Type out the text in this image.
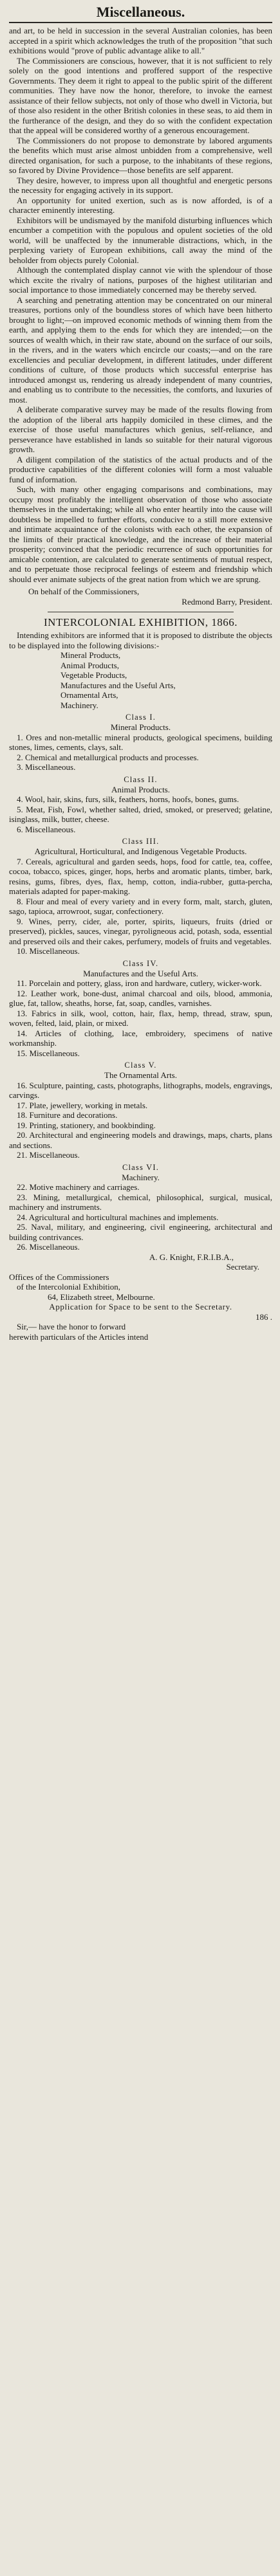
Miscellaneous.

and art, to be held in succession in the several Australian colonies, has been accepted in a spirit which acknowledges the truth of the proposition "that such exhibitions would "prove of public advantage alike to all."

The Commissioners are conscious, however, that it is not sufficient to rely solely on the good intentions and proffered support of the respective Governments. They deem it right to appeal to the public spirit of the different communities. They have now the honor, therefore, to invoke the earnest assistance of their fellow subjects, not only of those who dwell in Victoria, but of those also resident in the other British colonies in these seas, to aid them in the furtherance of the design, and they do so with the confident expectation that the appeal will be considered worthy of a generous encouragement.

The Commissioners do not propose to demonstrate by labored arguments the benefits which must arise almost unbidden from a comprehensive, well directed organisation, for such a purpose, to the inhabitants of these regions, so favored by Divine Providence—those benefits are self apparent.

They desire, however, to impress upon all thoughtful and energetic persons the necessity for engaging actively in its support.

An opportunity for united exertion, such as is now afforded, is of a character eminently interesting.

Exhibitors will be undismayed by the manifold disturbing influences which encumber a competition with the populous and opulent societies of the old world, will be unaffected by the innumerable distractions, which, in the perplexing variety of European exhibitions, call away the mind of the beholder from objects purely Colonial.

Although the contemplated display cannot vie with the splendour of those which excite the rivalry of nations, purposes of the highest utilitarian and social importance to those immediately concerned may be thereby served.

A searching and penetrating attention may be concentrated on our mineral treasures, portions only of the boundless stores of which have been hitherto brought to light;—on improved economic methods of winning them from the earth, and applying them to the ends for which they are intended;—on the sources of wealth which, in their raw state, abound on the surface of our soils, in the rivers, and in the waters which encircle our coasts;—and on the rare excellencies and peculiar development, in different latitudes, under different conditions of culture, of those products which successful enterprise has introduced amongst us, rendering us already independent of many countries, and enabling us to contribute to the necessities, the comforts, and luxuries of most.

A deliberate comparative survey may be made of the results flowing from the adoption of the liberal arts happily domiciled in these climes, and the exercise of those useful manufactures which genius, self-reliance, and perseverance have established in lands so suitable for their natural vigorous growth.

A diligent compilation of the statistics of the actual products and of the productive capabilities of the different colonies will form a most valuable fund of information.

Such, with many other engaging comparisons and combinations, may occupy most profitably the intelligent observation of those who associate themselves in the undertaking; while all who enter heartily into the cause will doubtless be impelled to further efforts, conducive to a still more extensive and intimate acquaintance of the colonists with each other, the expansion of the limits of their practical knowledge, and the increase of their material prosperity; convinced that the periodic recurrence of such opportunities for amicable contention, are calculated to generate sentiments of mutual respect, and to perpetuate those reciprocal feelings of esteem and friendship which should ever animate subjects of the great nation from which we are sprung.

On behalf of the Commissioners,
Redmond Barry, President.
INTERCOLONIAL EXHIBITION, 1866.

Intending exhibitors are informed that it is proposed to distribute the objects to be displayed into the following divisions:-

Mineral Products,
Animal Products,
Vegetable Products,
Manufactures and the Useful Arts,
Ornamental Arts,
Machinery.
Class I.
Mineral Products.

1. Ores and non-metallic mineral products, geological specimens, building stones, limes, cements, clays, salt.

2. Chemical and metallurgical products and processes.

3. Miscellaneous.

Class II.
Animal Products.

4. Wool, hair, skins, furs, silk, feathers, horns, hoofs, bones, gums.

5. Meat, Fish, Fowl, whether salted, dried, smoked, or preserved; gelatine, isinglass, milk, butter, cheese.

6. Miscellaneous.

Class III.
Agricultural, Horticultural, and Indigenous Vegetable Products.

7. Cereals, agricultural and garden seeds, hops, food for cattle, tea, coffee, cocoa, tobacco, spices, ginger, hops, herbs and aromatic plants, timber, bark, resins, gums, fibres, dyes, flax, hemp, cotton, india-rubber, gutta-percha, materials adapted for paper-making.

8. Flour and meal of every variety and in every form, malt, starch, gluten, sago, tapioca, arrowroot, sugar, confectionery.

9. Wines, perry, cider, ale, porter, spirits, liqueurs, fruits (dried or preserved), pickles, sauces, vinegar, pyroligneous acid, potash, soda, essential and preserved oils and their cakes, perfumery, models of fruits and vegetables.

10. Miscellaneous.

Class IV.
Manufactures and the Useful Arts.

11. Porcelain and pottery, glass, iron and hardware, cutlery, wicker-work.

12. Leather work, bone-dust, animal charcoal and oils, blood, ammonia, glue, fat, tallow, sheaths, horse, fat, soap, candles, varnishes.

13. Fabrics in silk, wool, cotton, hair, flax, hemp, thread, straw, spun, woven, felted, laid, plain, or mixed.

14. Articles of clothing, lace, embroidery, specimens of native workmanship.

15. Miscellaneous.

Class V.
The Ornamental Arts.

16. Sculpture, painting, casts, photographs, lithographs, models, engravings, carvings.

17. Plate, jewellery, working in metals.

18. Furniture and decorations.

19. Printing, stationery, and bookbinding.

20. Architectural and engineering models and drawings, maps, charts, plans and sections.

21. Miscellaneous.

Class VI.
Machinery.

22. Motive machinery and carriages.

23. Mining, metallurgical, chemical, philosophical, surgical, musical, machinery and instruments.

24. Agricultural and horticultural machines and implements.

25. Naval, military, and engineering, civil engineering, architectural and building contrivances.

26. Miscellaneous.

A. G. Knight, F.R.I.B.A.,
Secretary.
Offices of the Commissioners
of the Intercolonial Exhibition,
64, Elizabeth street, Melbourne.
Application for Space to be sent to the Secretary.
186 .
Sir,— have the honor to forward
herewith particulars of the Articles intend
